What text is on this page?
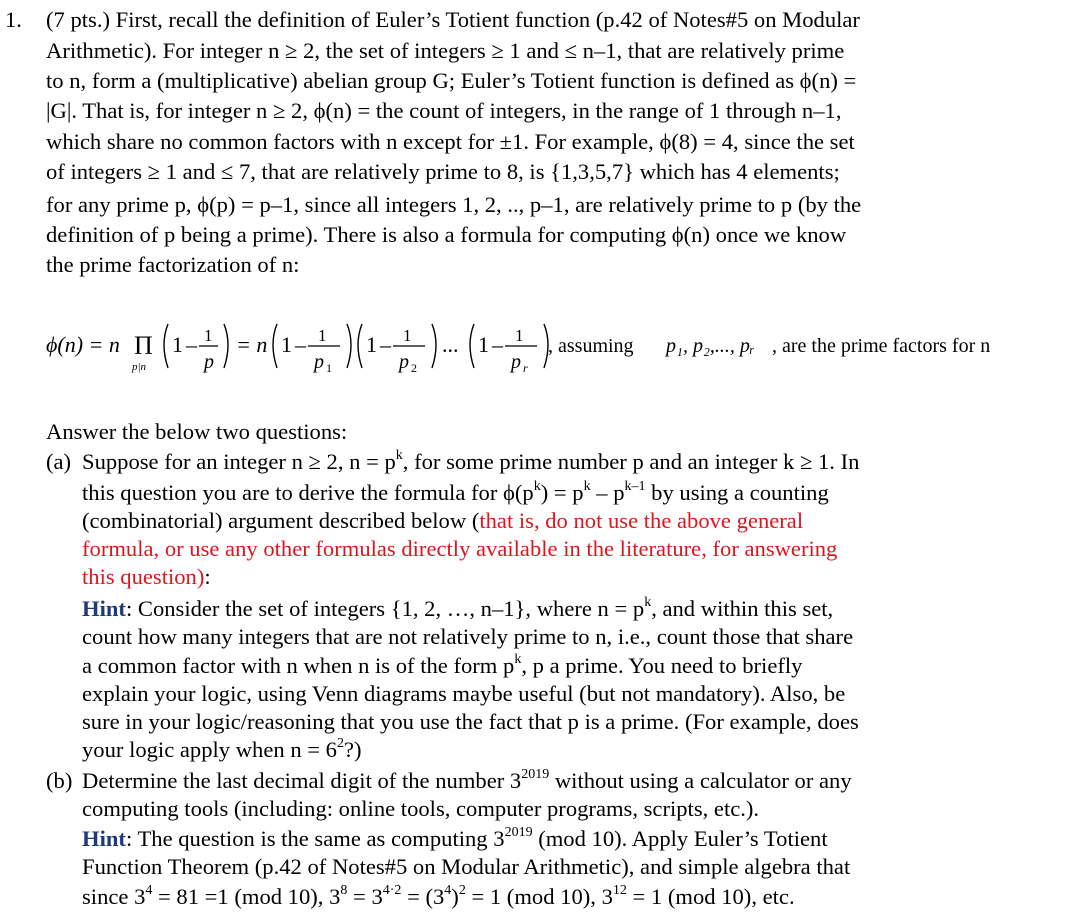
1. (7 pts.) First, recall the definition of Euler’s Totient function (p.42 of Notes#5 on Modular
Arithmetic). For integer n ≥ 2, the set of integers ≥ 1 and ≤ n–1, that are relatively prime
to n, form a (multiplicative) abelian group G; Euler’s Totient function is defined as ϕ(n) =
|G|. That is, for integer n ≥ 2, ϕ(n) = the count of integers, in the range of 1 through n–1,
which share no common factors with n except for ±1. For example, ϕ(8) = 4, since the set
of integers ≥ 1 and ≤ 7, that are relatively prime to 8, is {1,3,5,7} which has 4 elements;
for any prime p, ϕ(p) = p–1, since all integers 1, 2, .., p–1, are relatively prime to p (by the
definition of p being a prime). There is also a formula for computing ϕ(n) once we know
the prime factorization of n:
ϕ(n) = n Π
p|n
1 – 1
p
= n 1 – 1
p 1
1 – 1
p 2
... 1 – 1
p r
, assuming p₁, p₂,..., pᵣ , are the prime factors for n
Answer the below two questions:
(a) Suppose for an integer n ≥ 2, $n = p^k$, for some prime number p and an integer k ≥ 1. In
this question you are to derive the formula for $\phi(p^k) = p^k - p^{k-1}$ by using a counting
(combinatorial) argument described below (that is, do not use the above general
formula, or use any other formulas directly available in the literature, for answering
this question):
Hint: Consider the set of integers {1, 2, …, n–1}, where $n = p^k$, and within this set,
count how many integers that are not relatively prime to n, i.e., count those that share
a common factor with n when n is of the form $p^k$, p a prime. You need to briefly
explain your logic, using Venn diagrams maybe useful (but not mandatory). Also, be
sure in your logic/reasoning that you use the fact that p is a prime. (For example, does
your logic apply when $n = 6^2$?)
(b) Determine the last decimal digit of the number $3^{2019}$ without using a calculator or any
computing tools (including: online tools, computer programs, scripts, etc.).
Hint: The question is the same as computing $3^{2019}$ (mod 10). Apply Euler’s Totient
Function Theorem (p.42 of Notes#5 on Modular Arithmetic), and simple algebra that
since $3^4 = 81 =1$ (mod 10), $3^8 = 3^{4\cdot 2} = (3^4)^2 = 1$ (mod 10), $3^{12} = 1$ (mod 10), etc.
